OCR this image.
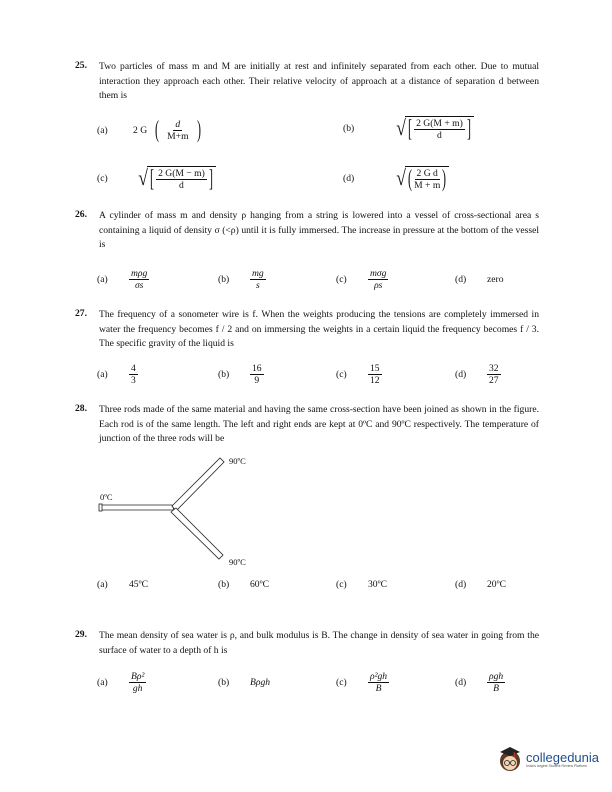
25. Two particles of mass m and M are initially at rest and infinitely separated from each other. Due to mutual interaction they approach each other. Their relative velocity of approach at a distance of separation d between them is
(a)	2 G ( $\frac{d}{M+m}$ )	(b)	√ [ $\frac{2 G(M + m)}{d}$ ]
(c)	√ [ $\frac{2 G(M - m)}{d}$ ]	(d)	√ ( $\frac{\text{2 G d}}{M + m}$ )
26. A cylinder of mass m and density ρ hanging from a string is lowered into a vessel of cross-sectional area s containing a liquid of density σ (<ρ) until it is fully immersed. The increase in pressure at the bottom of the vessel is
(a)	$\frac{\text{mρg}}{\sigma s}$	(b)	$\frac{mg}{s}$	(c)	$\frac{\text{mσg}}{\rho s}$	(d)	zero
27. The frequency of a sonometer wire is f. When the weights producing the tensions are completely immersed in water the frequency becomes f / 2 and on immersing the weights in a certain liquid the frequency becomes f / 3. The specific gravity of the liquid is
(a)	$\frac{4}{3}$	(b)	$\frac{16}{9}$	(c)	$\frac{15}{12}$	(d)	$\frac{32}{27}$
28. Three rods made of the same material and having the same cross-section have been joined as shown in the figure. Each rod is of the same length. The left and right ends are kept at 0ºC and 90ºC respectively. The temperature of junction of the three rods will be
0ºC
90ºC
90ºC
(a)	45ºC	(b)	60ºC	(c)	30ºC	(d)	20ºC
29. The mean density of sea water is ρ, and bulk modulus is B. The change in density of sea water in going from the surface of water to a depth of h is
(a)	$\frac{\text{Bρ²}}{gh}$	(b)	Bρgh	(c)	$\frac{\text{ρ²gh}}{B}$	(d)	$\frac{\text{ρgh}}{B}$
collegedunia
India's largest Student Review Platform
